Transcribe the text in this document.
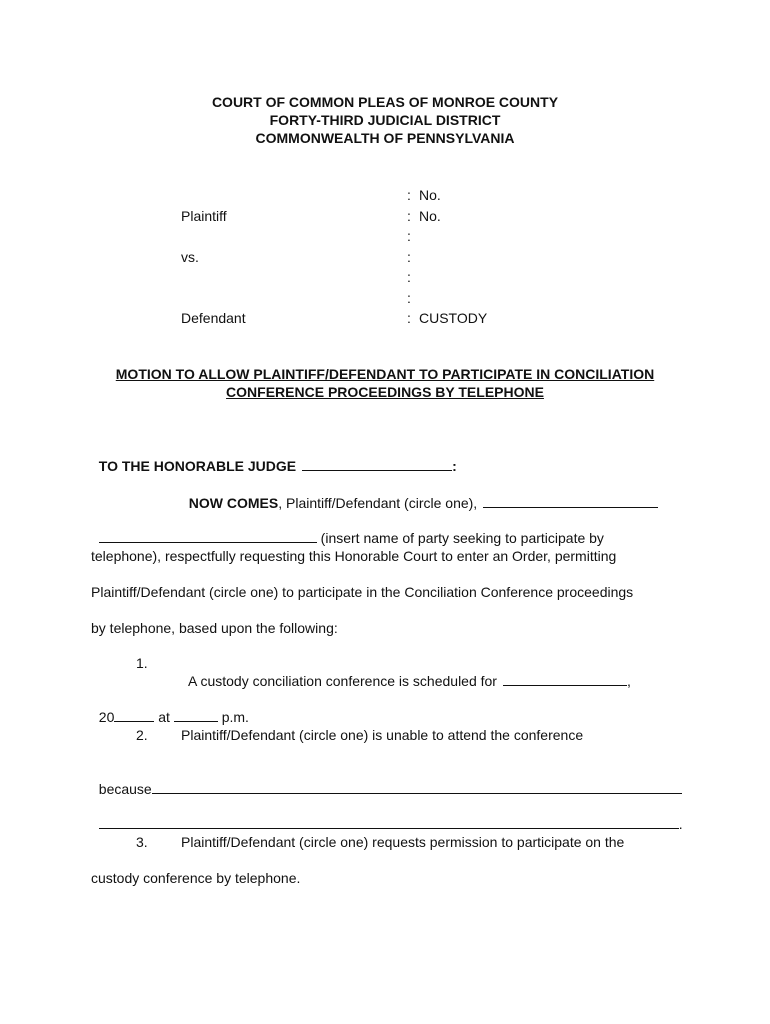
COURT OF COMMON PLEAS OF MONROE COUNTY
FORTY-THIRD JUDICIAL DISTRICT
COMMONWEALTH OF PENNSYLVANIA
: No.
Plaintiff	: No.
:
vs.	:
:
:
Defendant	: CUSTODY
MOTION TO ALLOW PLAINTIFF/DEFENDANT TO PARTICIPATE IN CONCILIATION
CONFERENCE PROCEEDINGS BY TELEPHONE

TO THE HONORABLE JUDGE	:

NOW COMES, Plaintiff/Defendant (circle one),

(insert name of party seeking to participate by

telephone), respectfully requesting this Honorable Court to enter an Order, permitting
Plaintiff/Defendant (circle one) to participate in the Conciliation Conference proceedings
by telephone, based upon the following:
1.

A custody conciliation conference is scheduled for	,

20	at	p.m.

2. Plaintiff/Defendant (circle one) is unable to attend the conference

because

.

3. Plaintiff/Defendant (circle one) requests permission to participate on the
custody conference by telephone.
